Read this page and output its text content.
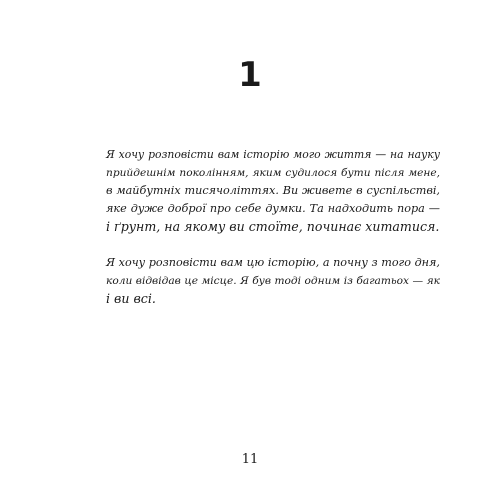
1

Я хочу розповісти вам історію мого життя — на науку
прийдешнім поколінням, яким судилося бути після мене,
в майбутніх тисячоліттях. Ви живете в суспільстві,
яке дуже доброї про себе думки. Та надходить пора —
і ґрунт, на якому ви стоїте, починає хитатися.

Я хочу розповісти вам цю історію, а почну з того дня,
коли відвідав це місце. Я був тоді одним із багатьох — як
і ви всі.

11
